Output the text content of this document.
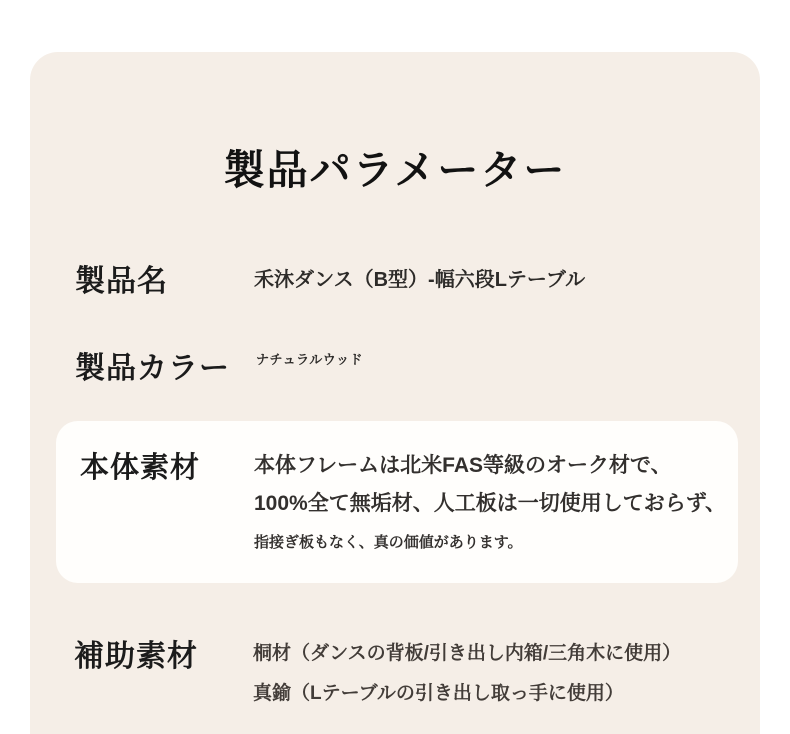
製品パラメーター
製品名	禾沐ダンス（B型）-幅六段Lテーブル
製品カラー ナチュラルウッド
本体素材	本体フレームは北米FAS等級のオーク材で、
100%全て無垢材、人工板は一切使用しておらず、
指接ぎ板もなく、真の価値があります。
補助素材	桐材（ダンスの背板/引き出し内箱/三角木に使用）
真鍮（Lテーブルの引き出し取っ手に使用）
